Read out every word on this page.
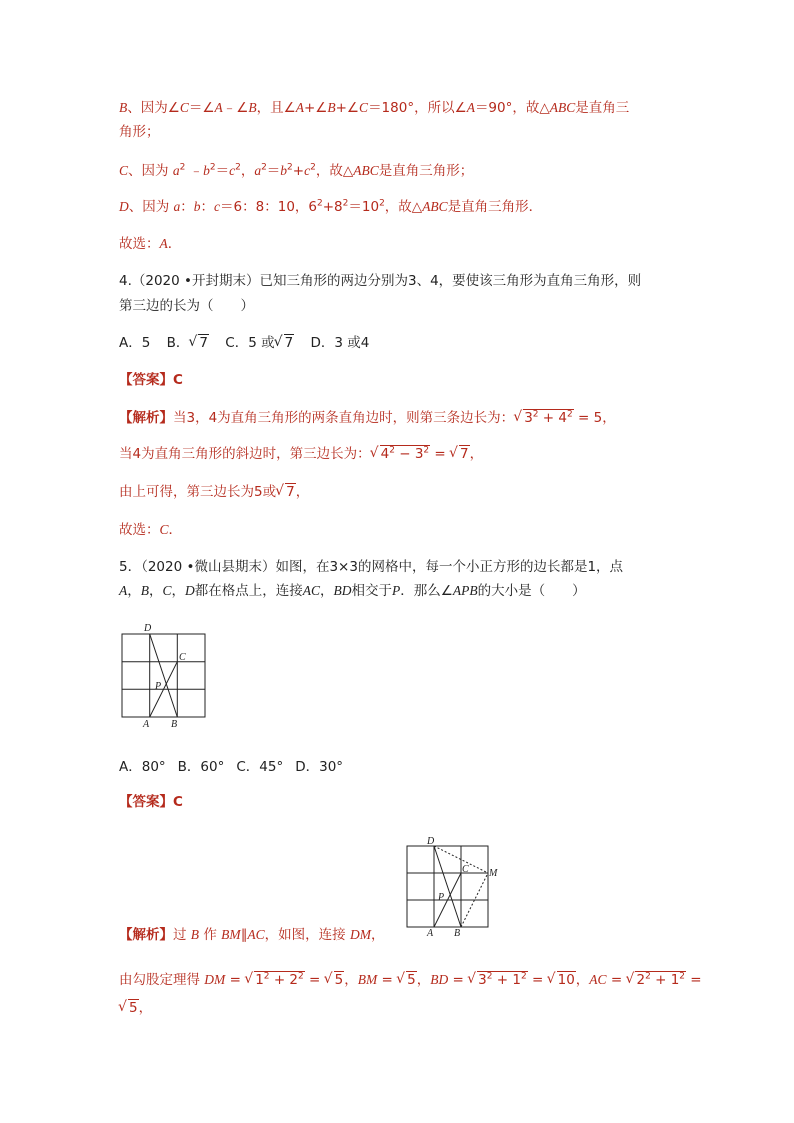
B、因为∠C＝∠A﹣∠B，且∠A+∠B+∠C＝180°，所以∠A＝90°，故△ABC是直角三
角形；
C、因为 $a^2$ $﹣b^2=c^2$，$a^2=b^2+c^2$，故△ABC是直角三角形；
D、因为 a：b：c＝6：8：10，$6^2+8^2=10^2$，故△ABC是直角三角形．
故选：A．
4.（2020 •开封期末）已知三角形的两边分别为3、4，要使该三角形为直角三角形，则
第三边的长为（　　）
A．5 B． √ 7 C．5 或 √ 7 D．3 或4
【答案】C
【解析】当3，4为直角三角形的两条直角边时，则第三条边长为： √ $3^2 + 4^2 = 5$，
当4为直角三角形的斜边时，第三边长为： √ $4^2 - 3^2$ = √ 7，
由上可得，第三边长为5或 √ 7，
故选：C．
5．（2020 •微山县期末）如图，在3×3的网格中，每一个小正方形的边长都是1，点
A，B，C，D都在格点上，连接AC，BD相交于P．那么∠APB的大小是（　　）
D
C
P
A B
A．80° B．60° C．45° D．30°
【答案】C
D
C M
P
A B
【解析】过 B 作 BM∥AC，如图，连接 DM，
由勾股定理得 DM = √ $1^2 + 2^2$ = √ 5，BM = √ 5，BD = √ $3^2 + 1^2$ = √ 10，AC = √ $2^2 + 1^2$ =
√ 5，
